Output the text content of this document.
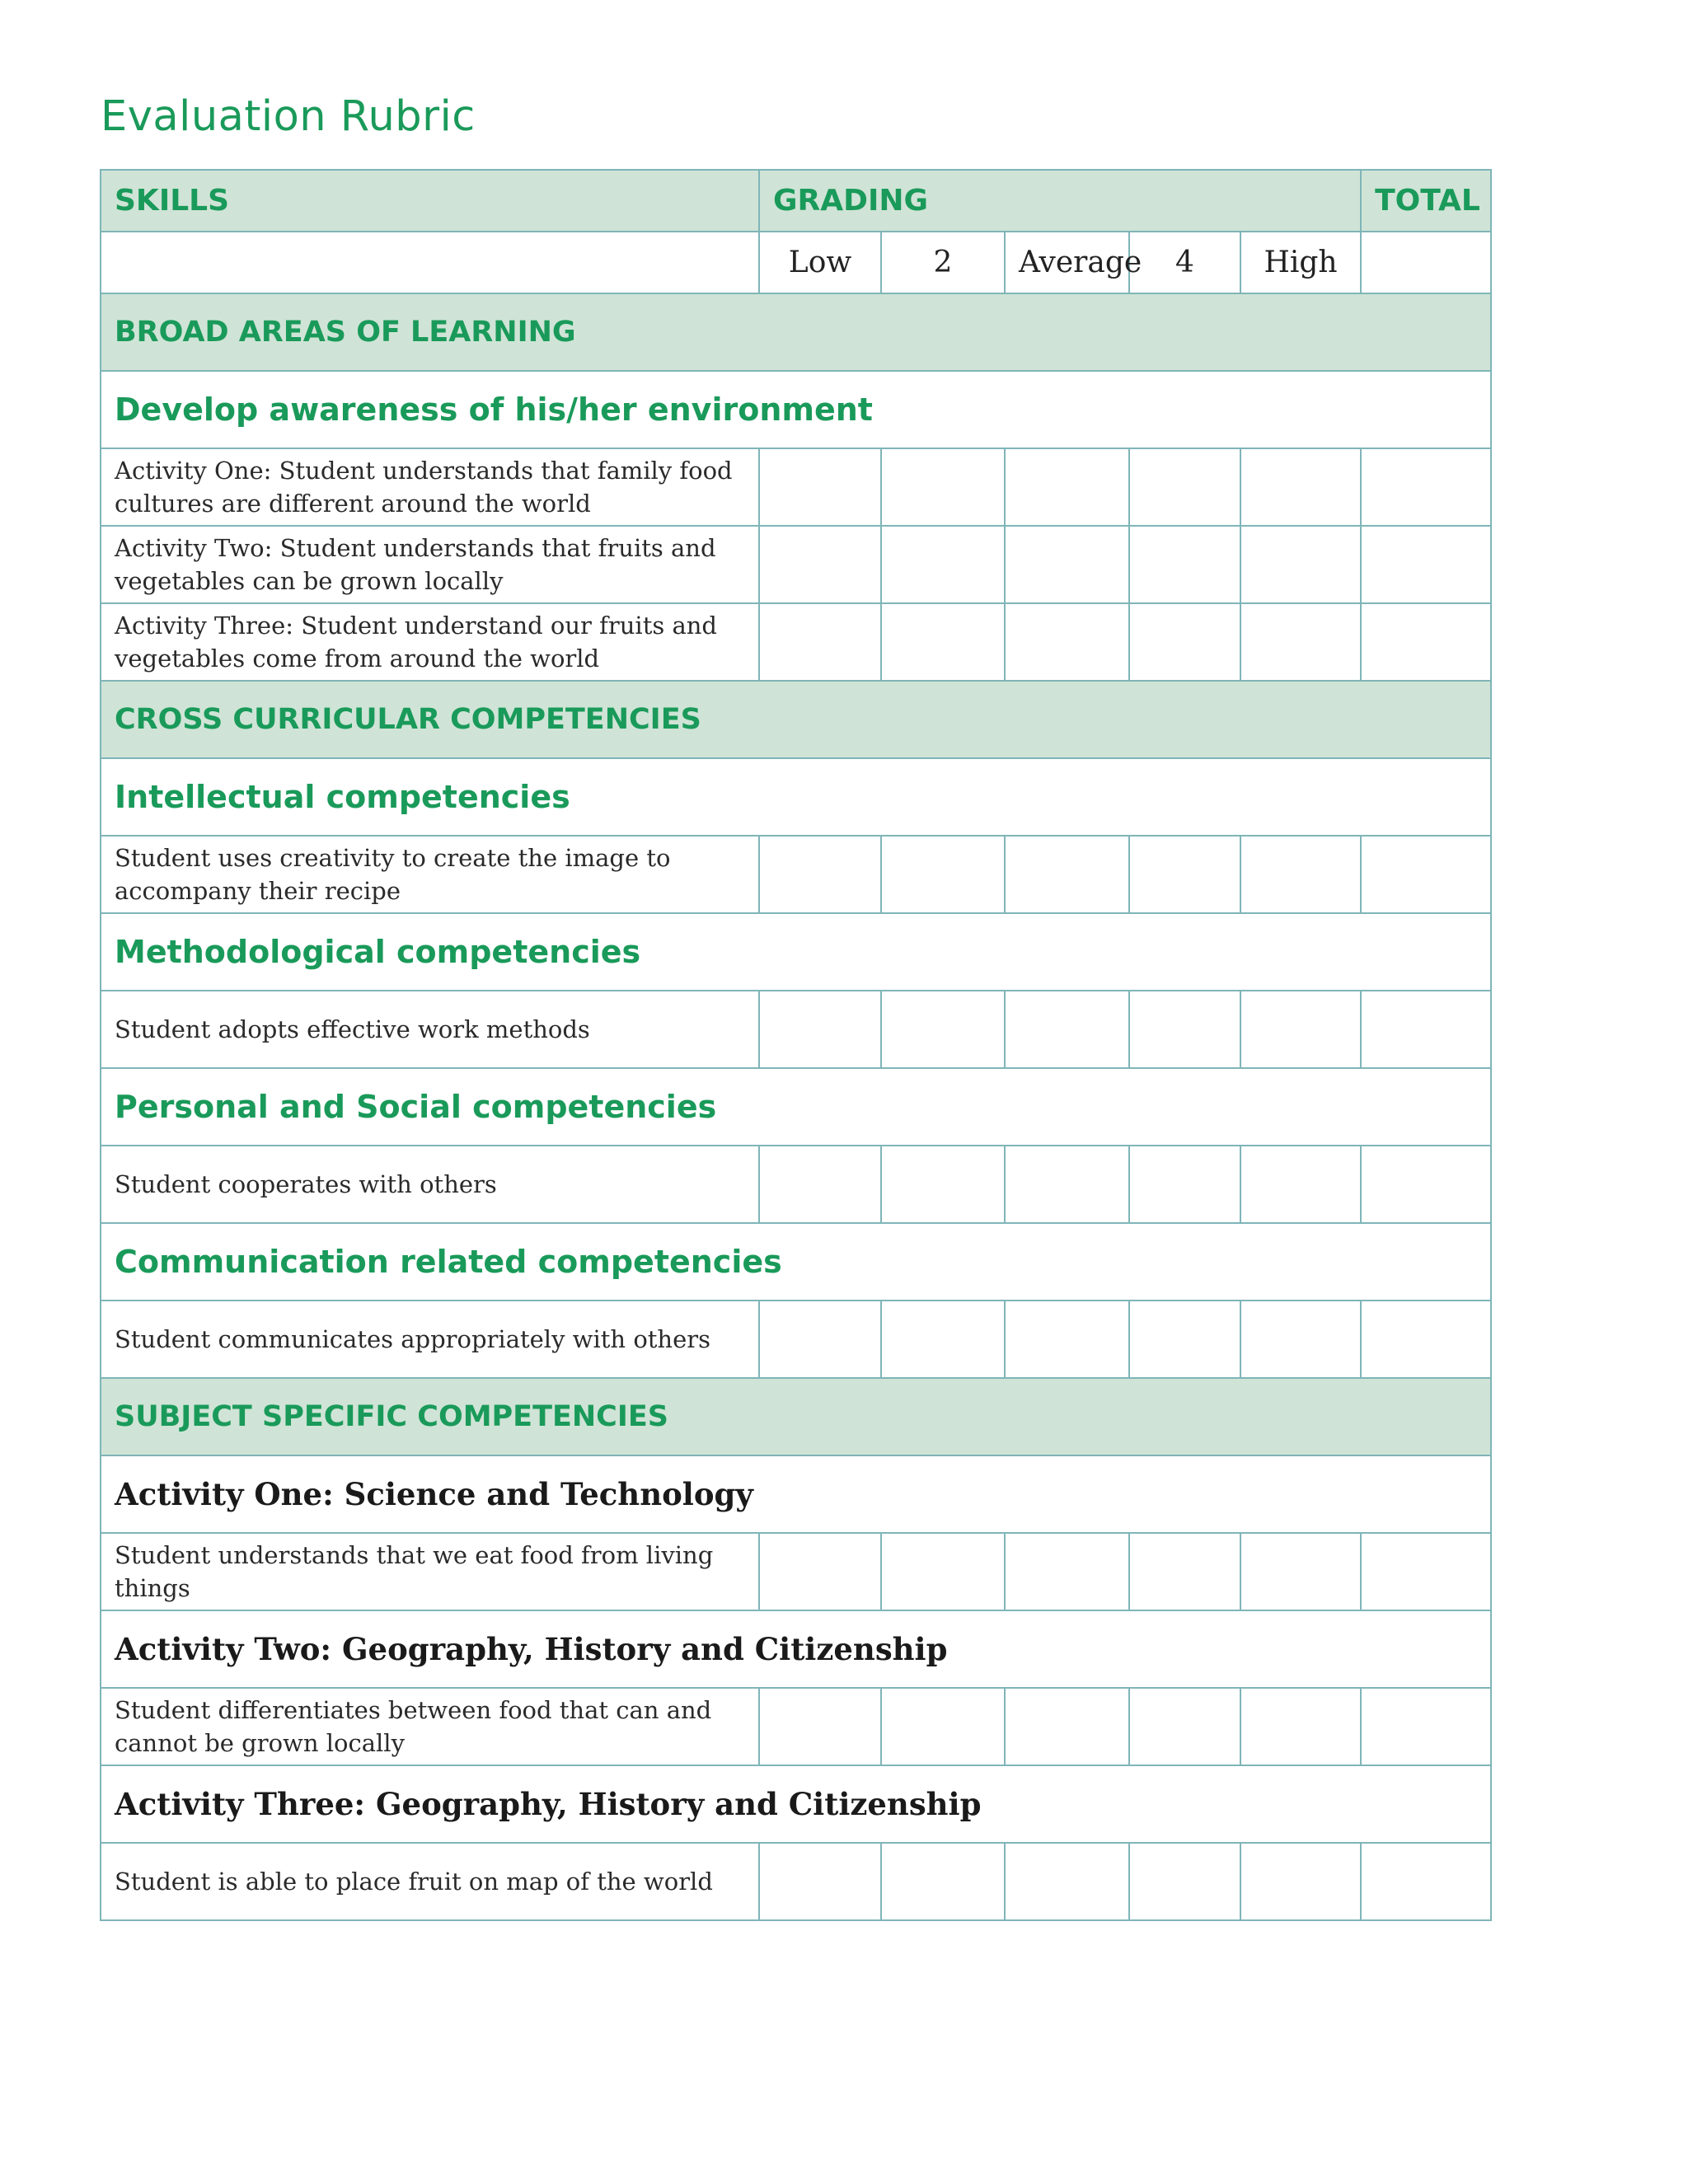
Evaluation Rubric
SKILLS	GRADING					TOTAL
	Low	2	Average	4	High	
BROAD AREAS OF LEARNING						
Develop awareness of his/her environment						
Activity One: Student understands that family food cultures are different around the world						
Activity Two: Student understands that fruits and vegetables can be grown locally						
Activity Three: Student understand our fruits and vegetables come from around the world						
CROSS CURRICULAR COMPETENCIES						
Intellectual competencies						
Student uses creativity to create the image to accompany their recipe						
Methodological competencies						
Student adopts effective work methods						
Personal and Social competencies						
Student cooperates with others						
Communication related competencies						
Student communicates appropriately with others						
SUBJECT SPECIFIC COMPETENCIES						
Activity One: Science and Technology						
Student understands that we eat food from living things						
Activity Two: Geography, History and Citizenship						
Student differentiates between food that can and cannot be grown locally						
Activity Three: Geography, History and Citizenship						
Student is able to place fruit on map of the world						
